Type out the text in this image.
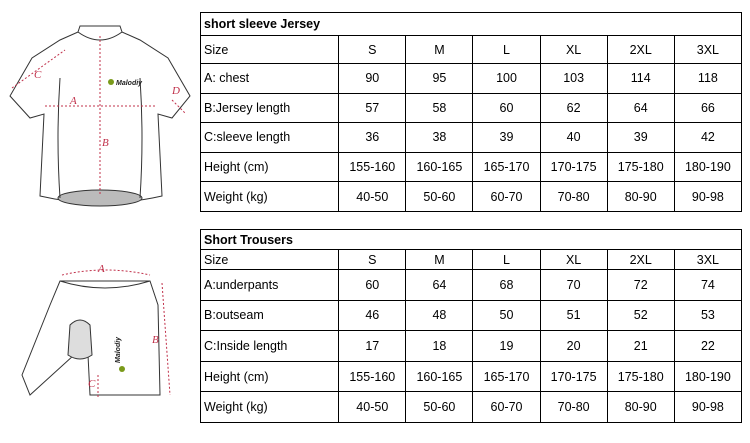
C
A
B
D
Malodiy
A
B
C
Malodiy
short sleeve Jersey						
Size	S	M	L	XL	2XL	3XL
A: chest	90	95	100	103	114	118
B:Jersey length	57	58	60	62	64	66
C:sleeve length	36	38	39	40	39	42
Height (cm)	155-160	160-165	165-170	170-175	175-180	180-190
Weight (kg)	40-50	50-60	60-70	70-80	80-90	90-98
Short Trousers						
Size	S	M	L	XL	2XL	3XL
A:underpants	60	64	68	70	72	74
B:outseam	46	48	50	51	52	53
C:Inside length	17	18	19	20	21	22
Height (cm)	155-160	160-165	165-170	170-175	175-180	180-190
Weight (kg)	40-50	50-60	60-70	70-80	80-90	90-98
